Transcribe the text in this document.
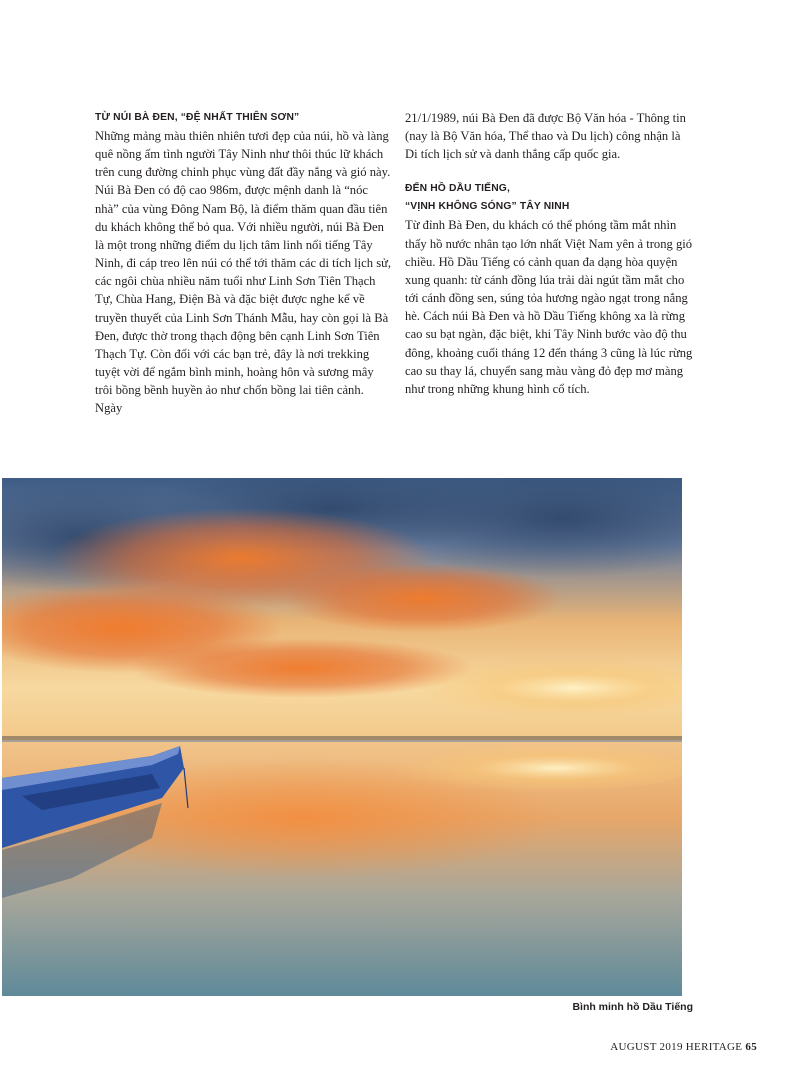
TỪ NÚI BÀ ĐEN, “ĐỆ NHẤT THIÊN SƠN”

Những mảng màu thiên nhiên tươi đẹp của núi, hồ và làng quê nồng ấm tình người Tây Ninh như thôi thúc lữ khách trên cung đường chinh phục vùng đất đầy nắng và gió này. Núi Bà Đen có độ cao 986m, được mệnh danh là “nóc nhà” của vùng Đông Nam Bộ, là điểm thăm quan đầu tiên du khách không thể bỏ qua. Với nhiều người, núi Bà Đen là một trong những điểm du lịch tâm linh nổi tiếng Tây Ninh, đi cáp treo lên núi có thể tới thăm các di tích lịch sử, các ngôi chùa nhiều năm tuổi như Linh Sơn Tiên Thạch Tự, Chùa Hang, Điện Bà và đặc biệt được nghe kể về truyền thuyết của Linh Sơn Thánh Mẫu, hay còn gọi là Bà Đen, được thờ trong thạch động bên cạnh Linh Sơn Tiên Thạch Tự. Còn đối với các bạn trẻ, đây là nơi trekking tuyệt vời để ngắm bình minh, hoàng hôn và sương mây trôi bồng bềnh huyền ảo như chốn bồng lai tiên cảnh. Ngày

21/1/1989, núi Bà Đen đã được Bộ Văn hóa - Thông tin (nay là Bộ Văn hóa, Thể thao và Du lịch) công nhận là Di tích lịch sử và danh thắng cấp quốc gia.

ĐẾN HỒ DẦU TIẾNG,
“VỊNH KHÔNG SÓNG” TÂY NINH

Từ đỉnh Bà Đen, du khách có thể phóng tầm mắt nhìn thấy hồ nước nhân tạo lớn nhất Việt Nam yên ả trong gió chiều. Hồ Dầu Tiếng có cảnh quan đa dạng hòa quyện xung quanh: từ cánh đồng lúa trải dài ngút tầm mắt cho tới cánh đồng sen, súng tỏa hương ngào ngạt trong nắng hè. Cách núi Bà Đen và hồ Dầu Tiếng không xa là rừng cao su bạt ngàn, đặc biệt, khi Tây Ninh bước vào độ thu đông, khoảng cuối tháng 12 đến tháng 3 cũng là lúc rừng cao su thay lá, chuyển sang màu vàng đỏ đẹp mơ màng như trong những khung hình cổ tích.

Bình minh hồ Dầu Tiếng
AUGUST 2019 HERITAGE 65
